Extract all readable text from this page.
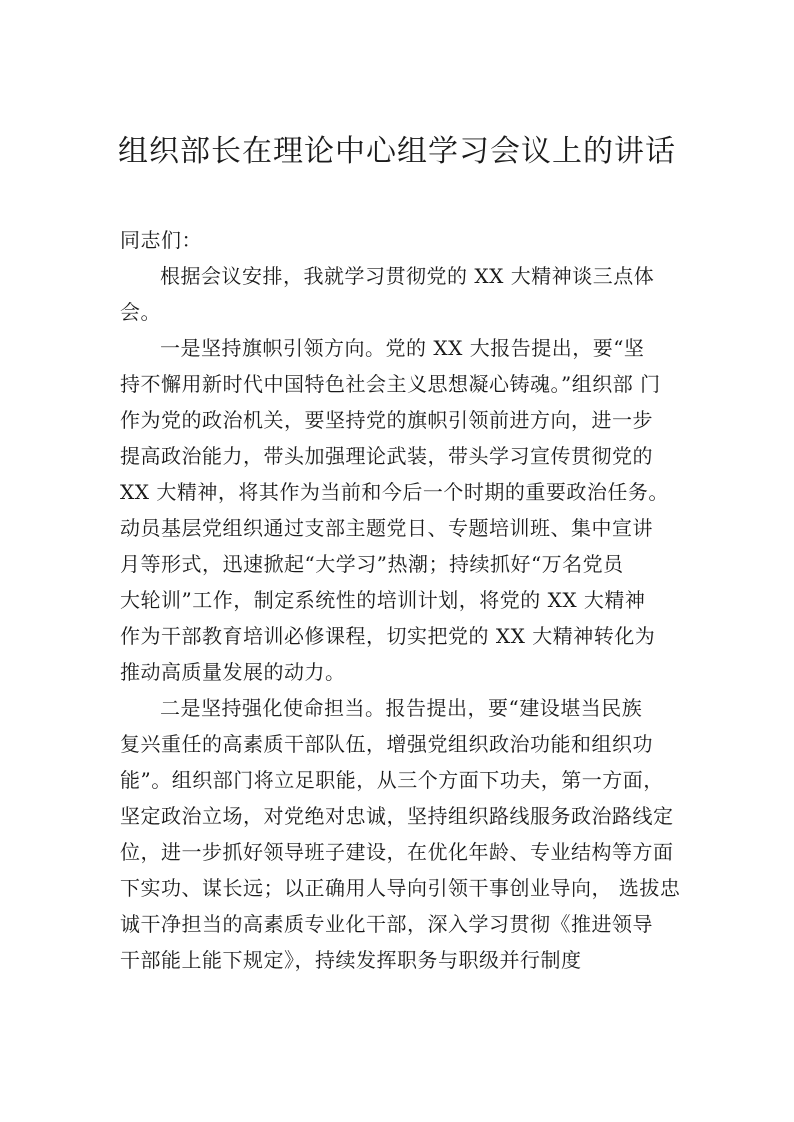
组织部长在理论中心组学习会议上的讲话
同志们：
根据会议安排，我就学习贯彻党的 XX 大精神谈三点体
会。
一是坚持旗帜引领方向。党的 XX 大报告提出，要“坚
持不懈用新时代中国特色社会主义思想凝心铸魂。”组织部 门
作为党的政治机关，要坚持党的旗帜引领前进方向，进一步
提高政治能力，带头加强理论武装，带头学习宣传贯彻党的
XX 大精神，将其作为当前和今后一个时期的重要政治任务。
动员基层党组织通过支部主题党日、专题培训班、集中宣讲
月等形式，迅速掀起“大学习”热潮；持续抓好“万名党员
大轮训”工作，制定系统性的培训计划，将党的 XX 大精神
作为干部教育培训必修课程，切实把党的 XX 大精神转化为
推动高质量发展的动力。
二是坚持强化使命担当。报告提出，要“建设堪当民族
复兴重任的高素质干部队伍，增强党组织政治功能和组织功
能”。组织部门将立足职能，从三个方面下功夫，第一方面，
坚定政治立场，对党绝对忠诚，坚持组织路线服务政治路线定
位，进一步抓好领导班子建设，在优化年龄、专业结构等方面
下实功、谋长远；以正确用人导向引领干事创业导向， 选拔忠
诚干净担当的高素质专业化干部，深入学习贯彻《推进领导
干部能上能下规定》，持续发挥职务与职级并行制度
